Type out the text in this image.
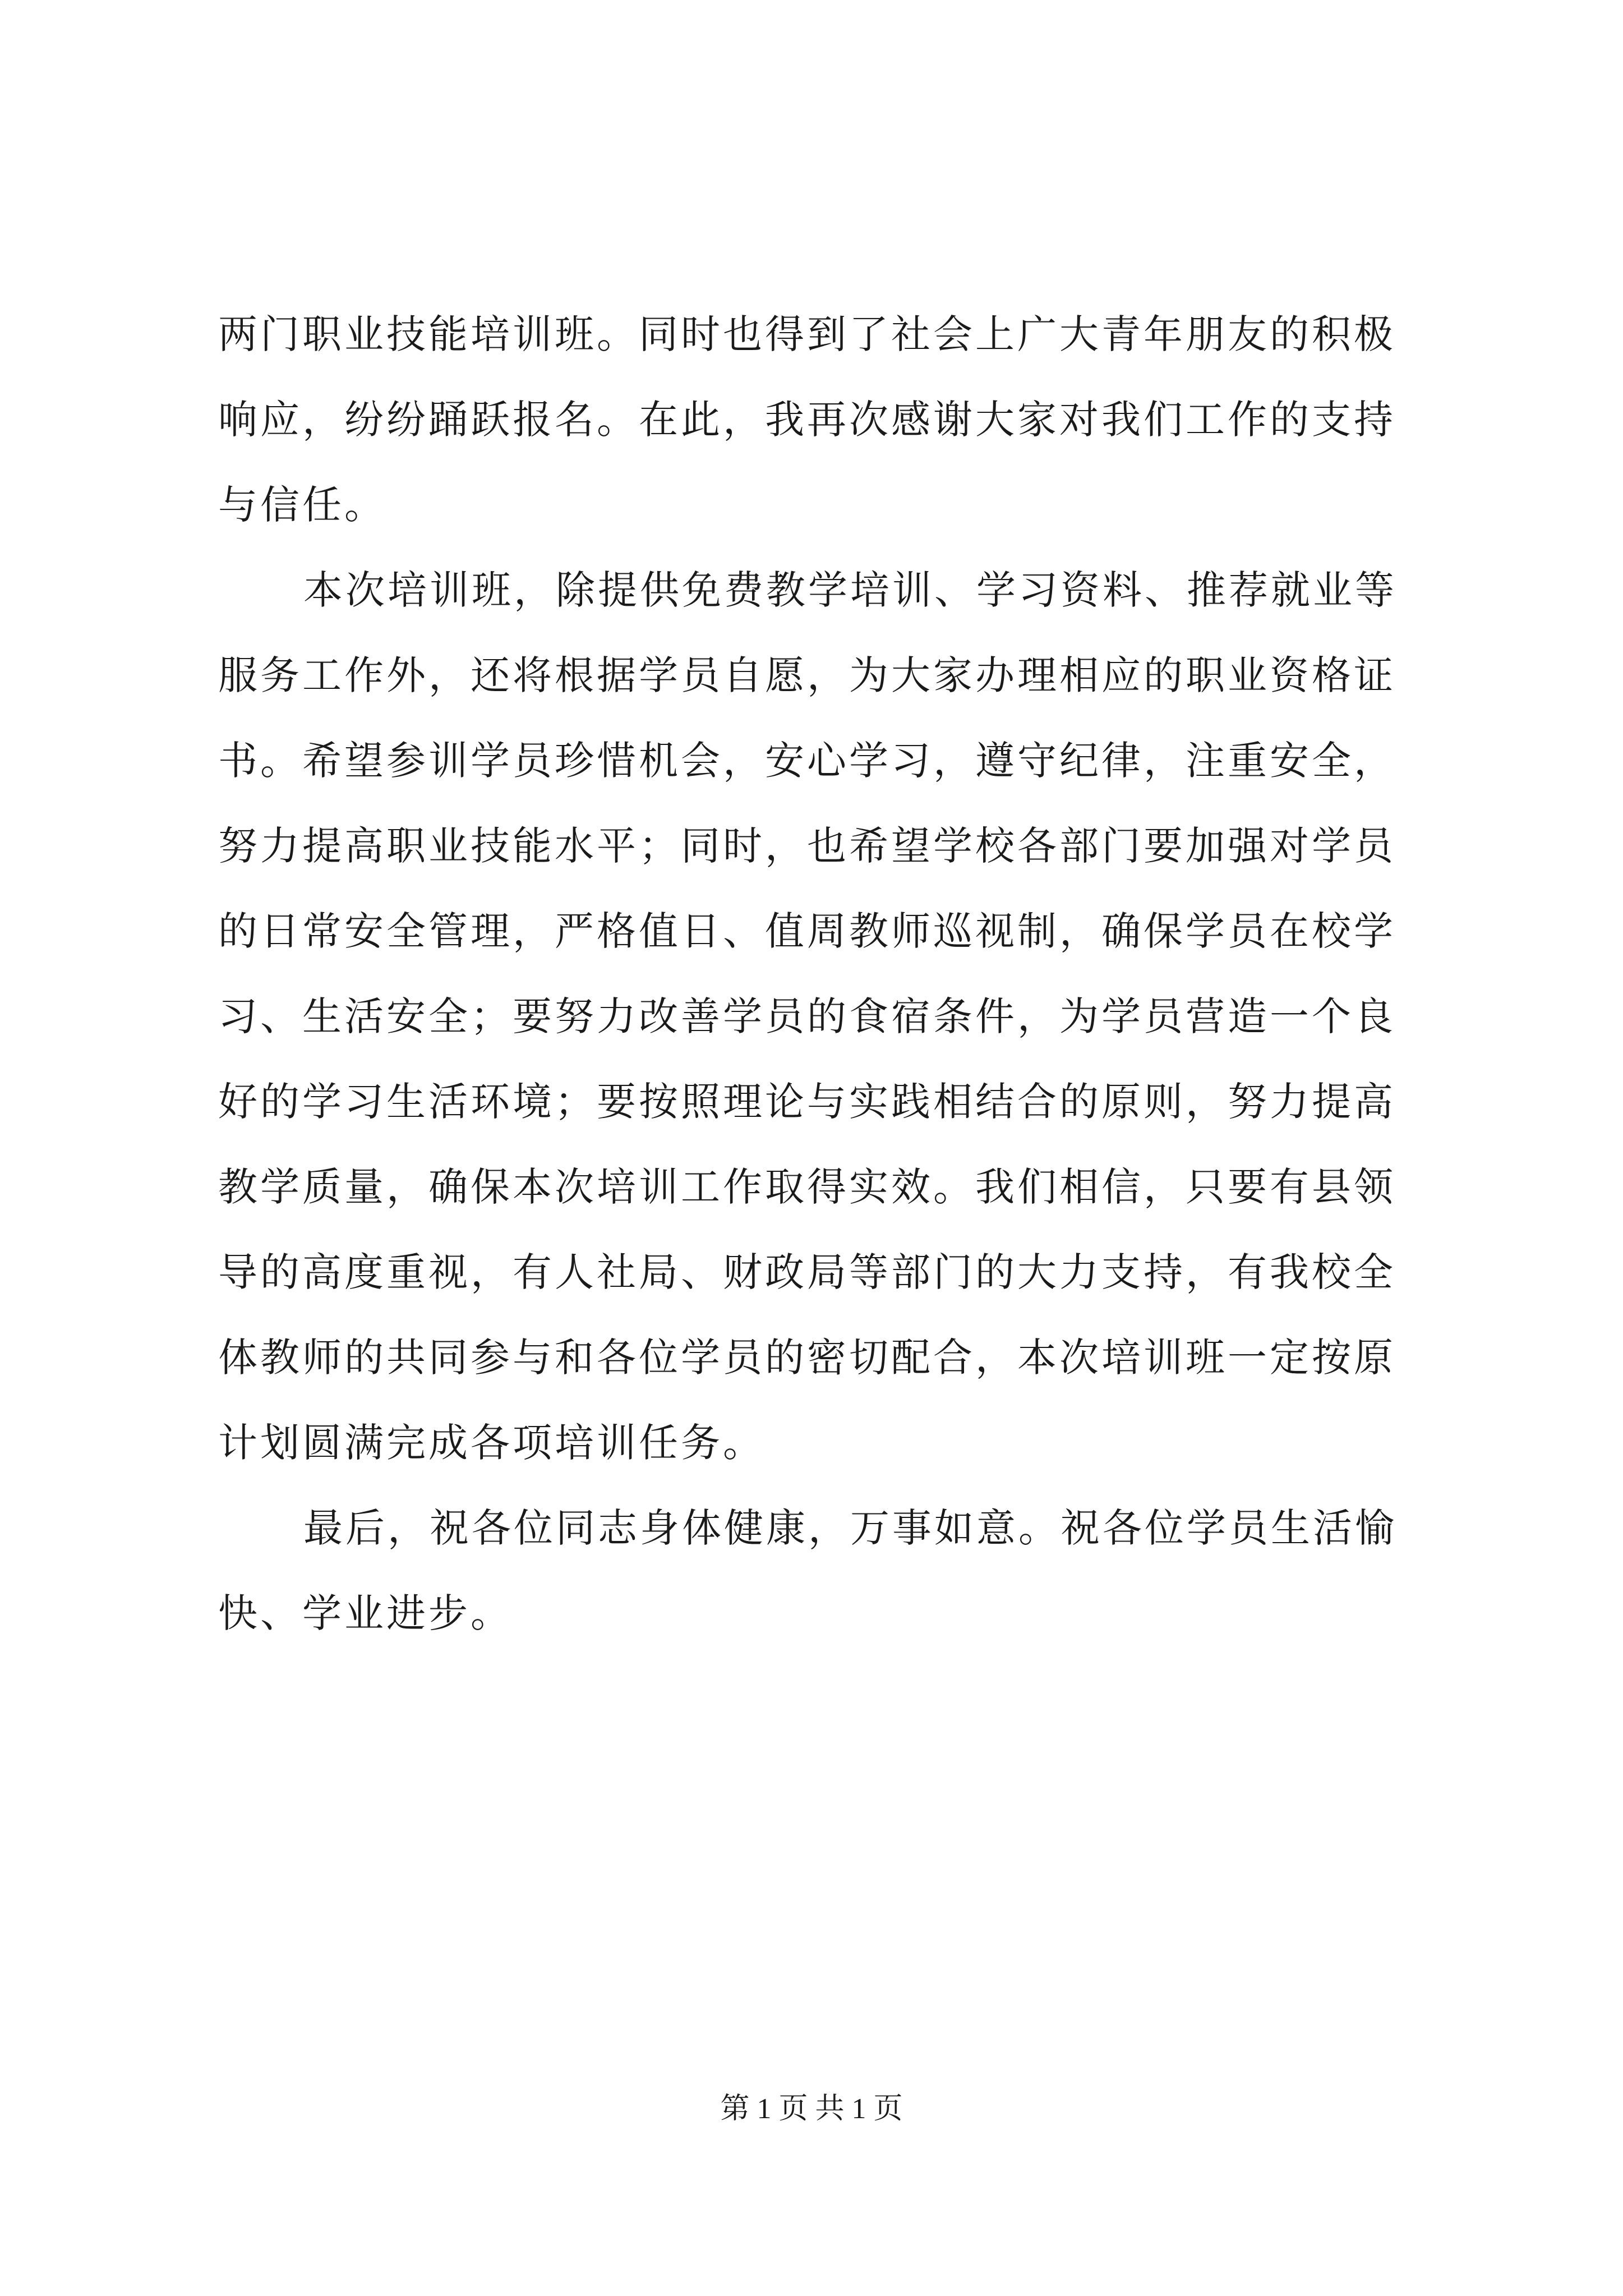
两门职业技能培训班。同时也得到了社会上广大青年朋友的积极
响应，纷纷踊跃报名。在此，我再次感谢大家对我们工作的支持
与信任。
本次培训班，除提供免费教学培训、学习资料、推荐就业等
服务工作外，还将根据学员自愿，为大家办理相应的职业资格证
书。希望参训学员珍惜机会，安心学习，遵守纪律，注重安全，
努力提高职业技能水平；同时，也希望学校各部门要加强对学员
的日常安全管理，严格值日、值周教师巡视制，确保学员在校学
习、生活安全；要努力改善学员的食宿条件，为学员营造一个良
好的学习生活环境；要按照理论与实践相结合的原则，努力提高
教学质量，确保本次培训工作取得实效。我们相信，只要有县领
导的高度重视，有人社局、财政局等部门的大力支持，有我校全
体教师的共同参与和各位学员的密切配合，本次培训班一定按原
计划圆满完成各项培训任务。
最后，祝各位同志身体健康，万事如意。祝各位学员生活愉
快、学业进步。
第 1 页 共 1 页
